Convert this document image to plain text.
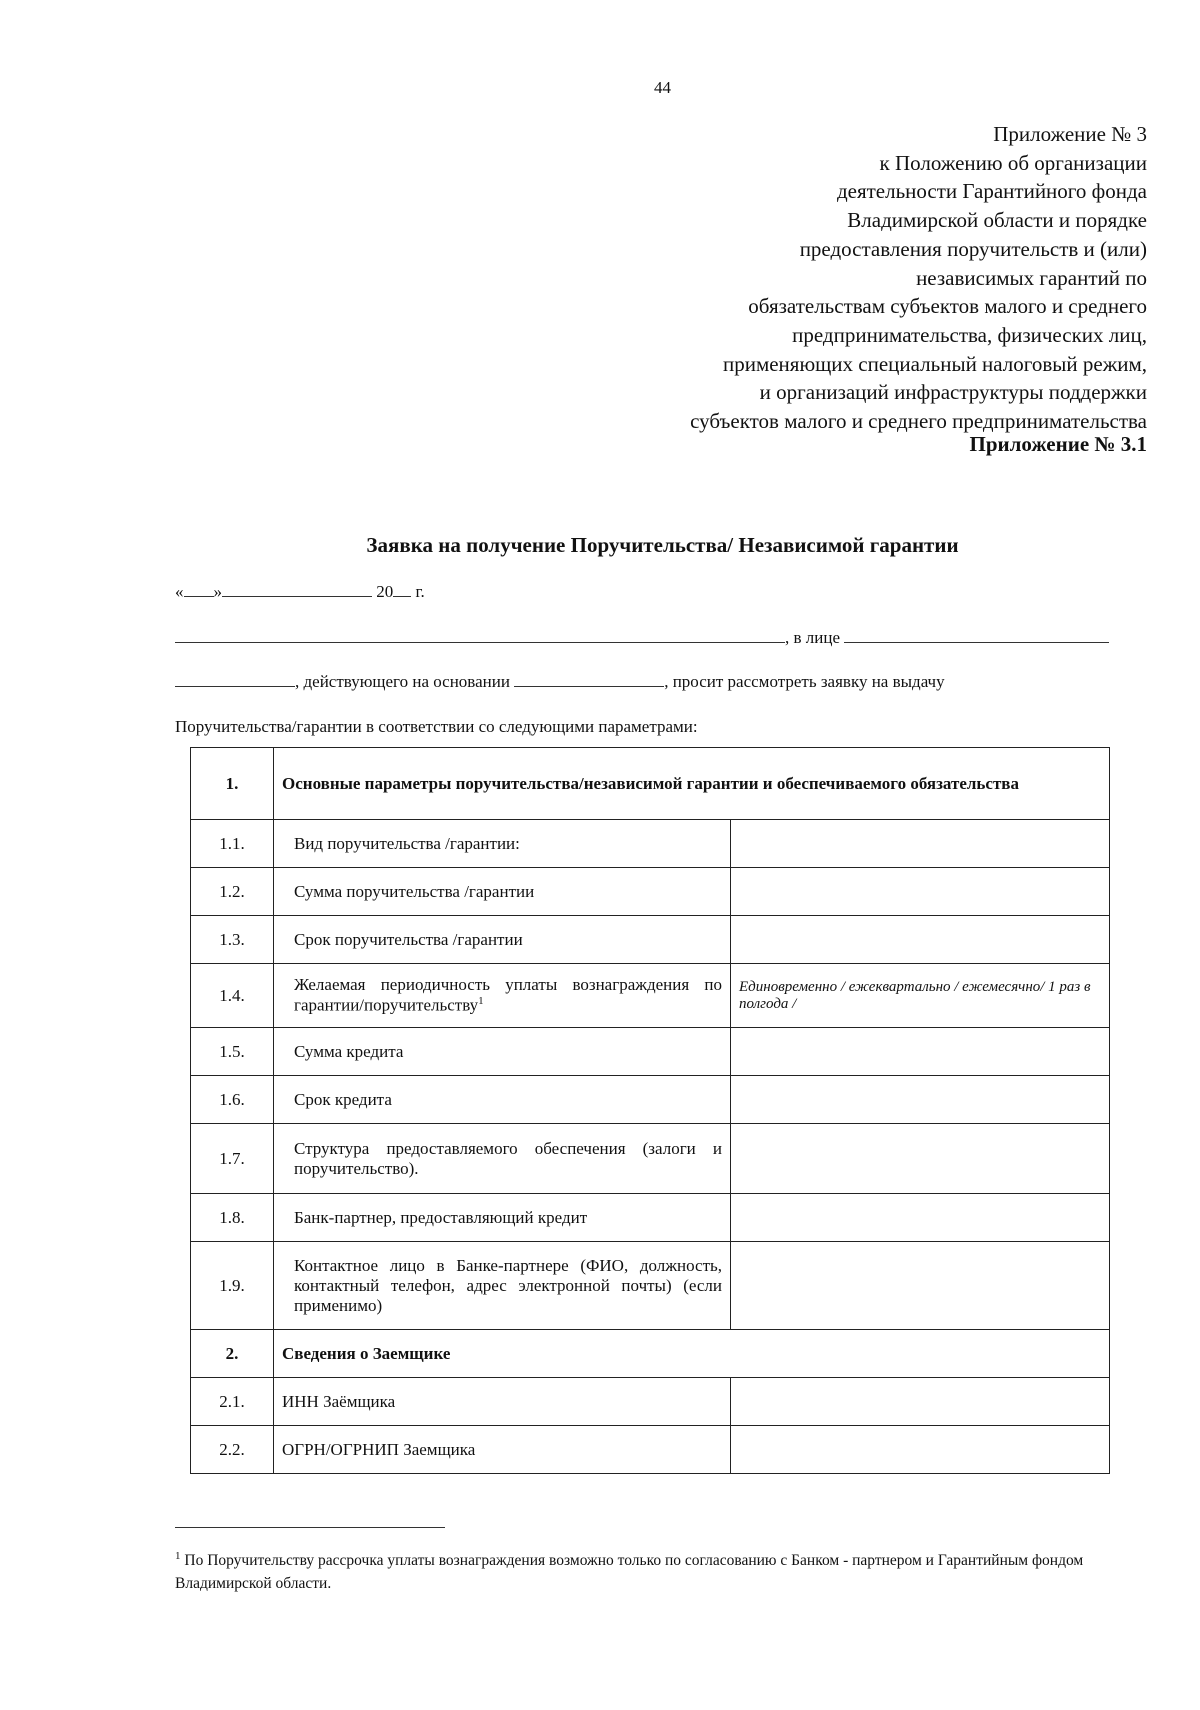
44
Приложение № 3
к Положению об организации
деятельности Гарантийного фонда
Владимирской области и порядке
предоставления поручительств и (или)
независимых гарантий по
обязательствам субъектов малого и среднего
предпринимательства, физических лиц,
применяющих специальный налоговый режим,
и организаций инфраструктуры поддержки
субъектов малого и среднего предпринимательства
Приложение № 3.1
Заявка на получение Поручительства/ Независимой гарантии
« »	20 г.
, в лице
, действующего на основании	, просит рассмотреть заявку на выдачу
Поручительства/гарантии в соответствии со следующими параметрами:
1.	Основные параметры поручительства/независимой гарантии и обеспечиваемого обязательства	
1.1.	Вид поручительства /гарантии:	

1.2.	Сумма поручительства /гарантии	

1.3.	Срок поручительства /гарантии	

1.4.	Желаемая периодичность уплаты вознаграждения по гарантии/поручительству$^1$	Единовременно / ежеквартально / ежемесячно/ 1 раз в полгода /
1.5.	Сумма кредита	

1.6.	Срок кредита	

1.7.	Структура предоставляемого обеспечения (залоги и поручительство).	

1.8.	Банк-партнер, предоставляющий кредит	

1.9.	Контактное лицо в Банке-партнере (ФИО, должность, контактный телефон, адрес электронной почты) (если применимо)	

2.	Сведения о Заемщике	
2.1.	ИНН Заёмщика	
2.2.	ОГРН/ОГРНИП Заемщика	
$^1$ По Поручительству рассрочка уплаты вознаграждения возможно только по согласованию с Банком - партнером и Гарантийным фондом Владимирской области.
